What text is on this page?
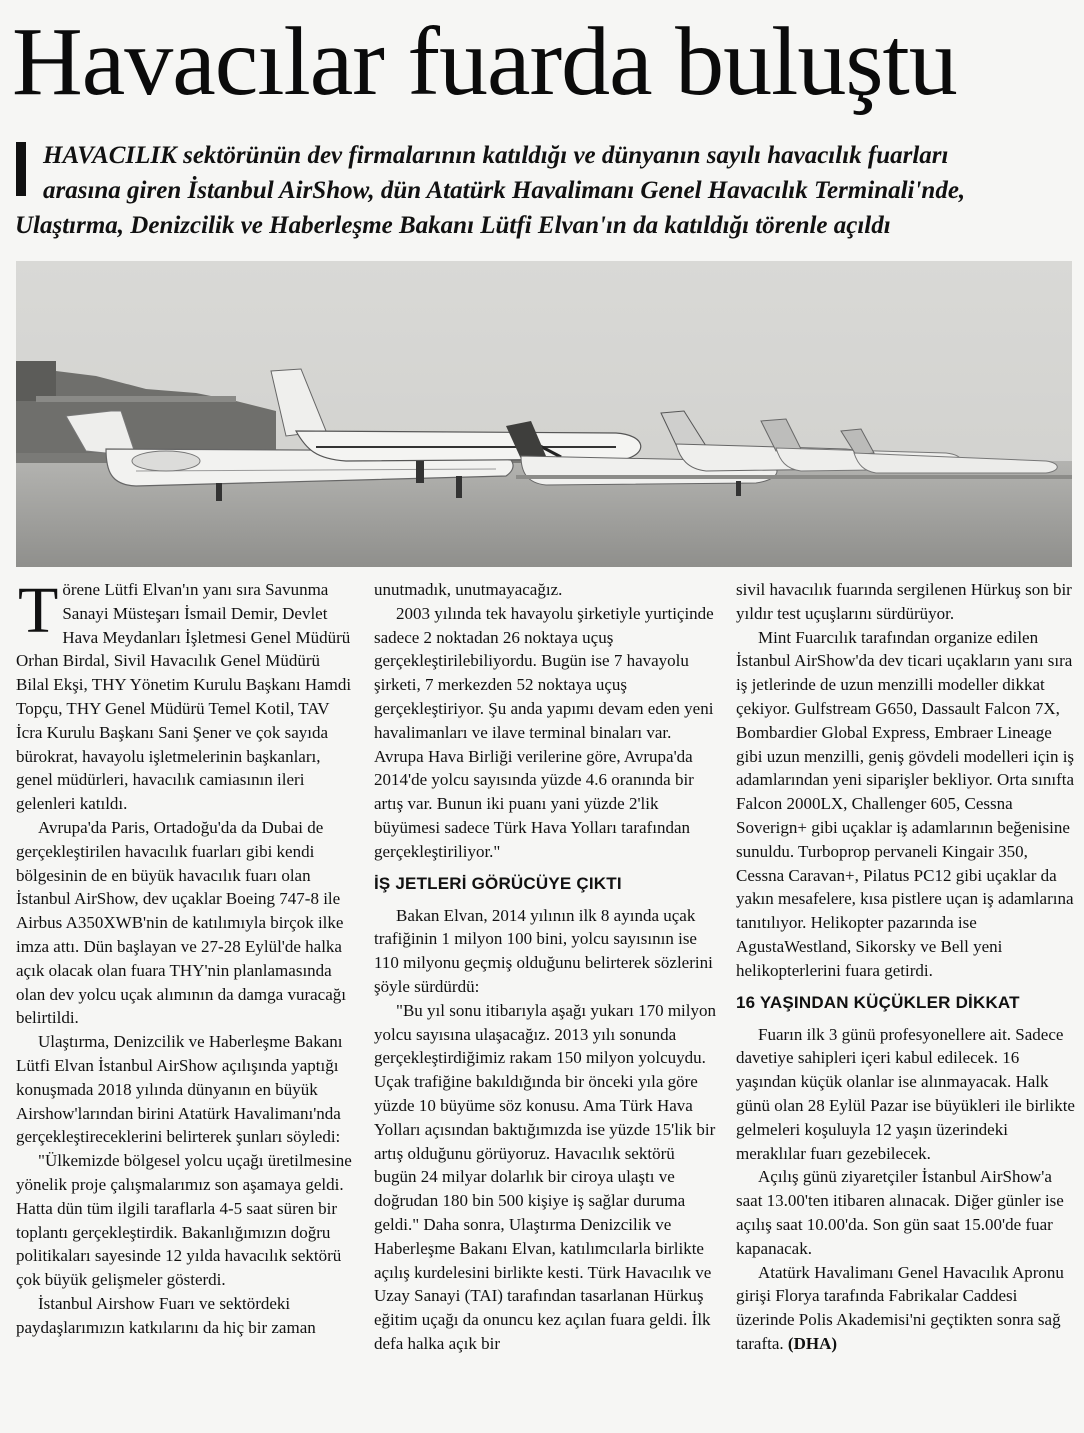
Havacılar fuarda buluştu
HAVACILIK sektörünün dev firmalarının katıldığı ve dünyanın sayılı havacılık fuarları
arasına giren İstanbul AirShow, dün Atatürk Havalimanı Genel Havacılık Terminali'nde,
Ulaştırma, Denizcilik ve Haberleşme Bakanı Lütfi Elvan'ın da katıldığı törenle açıldı

Törene Lütfi Elvan'ın yanı sıra Savunma Sanayi Müsteşarı İsmail Demir, Devlet Hava Meydanları İşletmesi Genel Müdürü Orhan Birdal, Sivil Havacılık Genel Müdürü Bilal Ekşi, THY Yönetim Kurulu Başkanı Hamdi Topçu, THY Genel Müdürü Temel Kotil, TAV İcra Kurulu Başkanı Sani Şener ve çok sayıda bürokrat, havayolu işletmelerinin başkanları, genel müdürleri, havacılık camiasının ileri gelenleri katıldı.

Avrupa'da Paris, Ortadoğu'da da Dubai de gerçekleştirilen havacılık fuarları gibi kendi bölgesinin de en büyük havacılık fuarı olan İstanbul AirShow, dev uçaklar Boeing 747-8 ile Airbus A350XWB'nin de katılımıyla birçok ilke imza attı. Dün başlayan ve 27-28 Eylül'de halka açık olacak olan fuara THY'nin planlamasında olan dev yolcu uçak alımının da damga vuracağı belirtildi.

Ulaştırma, Denizcilik ve Haberleşme Bakanı Lütfi Elvan İstanbul AirShow açılışında yaptığı konuşmada 2018 yılında dünyanın en büyük Airshow'larından birini Atatürk Havalimanı'nda gerçekleştireceklerini belirterek şunları söyledi:

"Ülkemizde bölgesel yolcu uçağı üretilmesine yönelik proje çalışmalarımız son aşamaya geldi. Hatta dün tüm ilgili taraflarla 4-5 saat süren bir toplantı gerçekleştirdik. Bakanlığımızın doğru politikaları sayesinde 12 yılda havacılık sektörü çok büyük gelişmeler gösterdi.

İstanbul Airshow Fuarı ve sektördeki paydaşlarımızın katkılarını da hiç bir zaman

unutmadık, unutmayacağız.

2003 yılında tek havayolu şirketiyle yurtiçinde sadece 2 noktadan 26 noktaya uçuş gerçekleştirilebiliyordu. Bugün ise 7 havayolu şirketi, 7 merkezden 52 noktaya uçuş gerçekleştiriyor. Şu anda yapımı devam eden yeni havalimanları ve ilave terminal binaları var. Avrupa Hava Birliği verilerine göre, Avrupa'da 2014'de yolcu sayısında yüzde 4.6 oranında bir artış var. Bunun iki puanı yani yüzde 2'lik büyümesi sadece Türk Hava Yolları tarafından gerçekleştiriliyor."

İŞ JETLERİ GÖRÜCÜYE ÇIKTI

Bakan Elvan, 2014 yılının ilk 8 ayında uçak trafiğinin 1 milyon 100 bini, yolcu sayısının ise 110 milyonu geçmiş olduğunu belirterek sözlerini şöyle sürdürdü:

"Bu yıl sonu itibarıyla aşağı yukarı 170 milyon yolcu sayısına ulaşacağız. 2013 yılı sonunda gerçekleştirdiğimiz rakam 150 milyon yolcuydu. Uçak trafiğine bakıldığında bir önceki yıla göre yüzde 10 büyüme söz konusu. Ama Türk Hava Yolları açısından baktığımızda ise yüzde 15'lik bir artış olduğunu görüyoruz. Havacılık sektörü bugün 24 milyar dolarlık bir ciroya ulaştı ve doğrudan 180 bin 500 kişiye iş sağlar duruma geldi." Daha sonra, Ulaştırma Denizcilik ve Haberleşme Bakanı Elvan, katılımcılarla birlikte açılış kurdelesini birlikte kesti. Türk Havacılık ve Uzay Sanayi (TAI) tarafından tasarlanan Hürkuş eğitim uçağı da onuncu kez açılan fuara geldi. İlk defa halka açık bir

sivil havacılık fuarında sergilenen Hürkuş son bir yıldır test uçuşlarını sürdürüyor.

Mint Fuarcılık tarafından organize edilen İstanbul AirShow'da dev ticari uçakların yanı sıra iş jetlerinde de uzun menzilli modeller dikkat çekiyor. Gulfstream G650, Dassault Falcon 7X, Bombardier Global Express, Embraer Lineage gibi uzun menzilli, geniş gövdeli modelleri için iş adamlarından yeni siparişler bekliyor. Orta sınıfta Falcon 2000LX, Challenger 605, Cessna Soverign+ gibi uçaklar iş adamlarının beğenisine sunuldu. Turboprop pervaneli Kingair 350, Cessna Caravan+, Pilatus PC12 gibi uçaklar da yakın mesafelere, kısa pistlere uçan iş adamlarına tanıtılıyor. Helikopter pazarında ise AgustaWestland, Sikorsky ve Bell yeni helikopterlerini fuara getirdi.

16 YAŞINDAN KÜÇÜKLER DİKKAT

Fuarın ilk 3 günü profesyonellere ait. Sadece davetiye sahipleri içeri kabul edilecek. 16 yaşından küçük olanlar ise alınmayacak. Halk günü olan 28 Eylül Pazar ise büyükleri ile birlikte gelmeleri koşuluyla 12 yaşın üzerindeki meraklılar fuarı gezebilecek.

Açılış günü ziyaretçiler İstanbul AirShow'a saat 13.00'ten itibaren alınacak. Diğer günler ise açılış saat 10.00'da. Son gün saat 15.00'de fuar kapanacak.

Atatürk Havalimanı Genel Havacılık Apronu girişi Florya tarafında Fabrikalar Caddesi üzerinde Polis Akademisi'ni geçtikten sonra sağ tarafta. (DHA)
